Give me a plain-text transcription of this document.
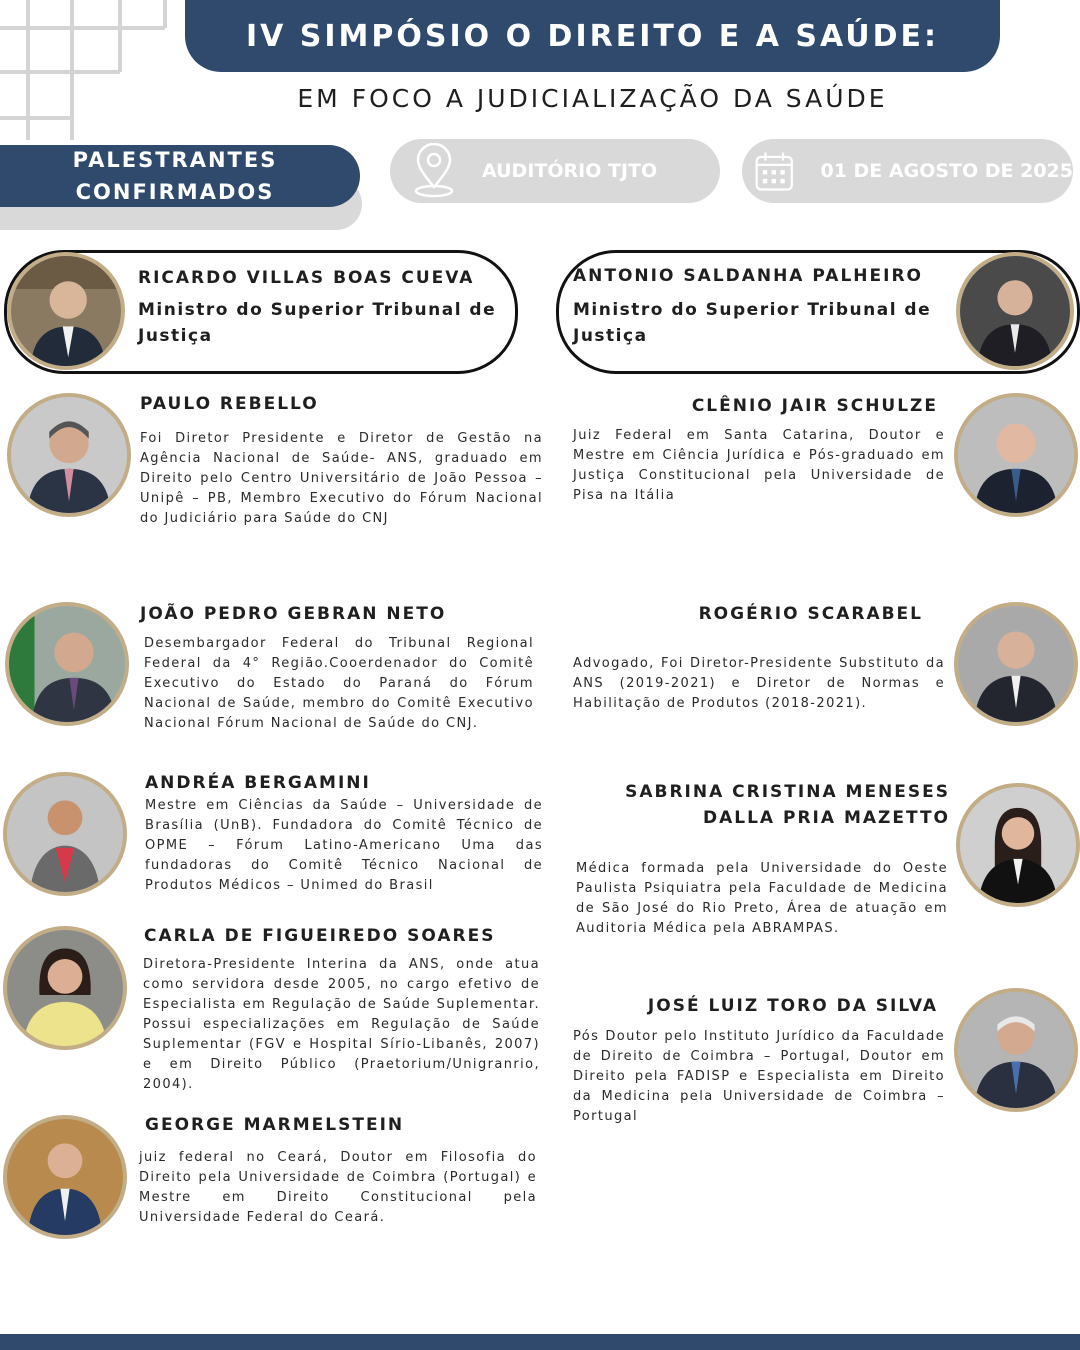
IV SIMPÓSIO O DIREITO E A SAÚDE:
EM FOCO A JUDICIALIZAÇÃO DA SAÚDE
PALESTRANTES
CONFIRMADOS
AUDITÓRIO TJTO	01 DE AGOSTO DE 2025
RICARDO VILLAS BOAS CUEVA
Ministro do Superior Tribunal de Justiça
ANTONIO SALDANHA PALHEIRO
Ministro do Superior Tribunal de Justiça
PAULO REBELLO
Foi Diretor Presidente e Diretor de Gestão na Agência Nacional de Saúde- ANS, graduado em Direito pelo Centro Universitário de João Pessoa – Unipê – PB, Membro Executivo do Fórum Nacional do Judiciário para Saúde do CNJ
CLÊNIO JAIR SCHULZE
Juiz Federal em Santa Catarina, Doutor e Mestre em Ciência Jurídica e Pós-graduado em Justiça Constitucional pela Universidade de Pisa na Itália
JOÃO PEDRO GEBRAN NETO
Desembargador Federal do Tribunal Regional Federal da 4° Região.Cooerdenador do Comitê Executivo do Estado do Paraná do Fórum Nacional de Saúde, membro do Comitê Executivo Nacional Fórum Nacional de Saúde do CNJ.
ROGÉRIO SCARABEL
Advogado, Foi Diretor-Presidente Substituto da ANS (2019-2021) e Diretor de Normas e Habilitação de Produtos (2018-2021).
ANDRÉA BERGAMINI
Mestre em Ciências da Saúde – Universidade de Brasília (UnB). Fundadora do Comitê Técnico de OPME – Fórum Latino-Americano Uma das fundadoras do Comitê Técnico Nacional de Produtos Médicos – Unimed do Brasil
SABRINA CRISTINA MENESES
DALLA PRIA MAZETTO
Médica formada pela Universidade do Oeste Paulista Psiquiatra pela Faculdade de Medicina de São José do Rio Preto, Área de atuação em Auditoria Médica pela ABRAMPAS.
CARLA DE FIGUEIREDO SOARES
Diretora-Presidente Interina da ANS, onde atua como servidora desde 2005, no cargo efetivo de Especialista em Regulação de Saúde Suplementar. Possui especializações em Regulação de Saúde Suplementar (FGV e Hospital Sírio-Libanês, 2007) e em Direito Público (Praetorium/Unigranrio, 2004).
JOSÉ LUIZ TORO DA SILVA
Pós Doutor pelo Instituto Jurídico da Faculdade de Direito de Coimbra – Portugal, Doutor em Direito pela FADISP e Especialista em Direito da Medicina pela Universidade de Coimbra – Portugal
GEORGE MARMELSTEIN
juiz federal no Ceará, Doutor em Filosofia do Direito pela Universidade de Coimbra (Portugal) e Mestre em Direito Constitucional pela Universidade Federal do Ceará.
